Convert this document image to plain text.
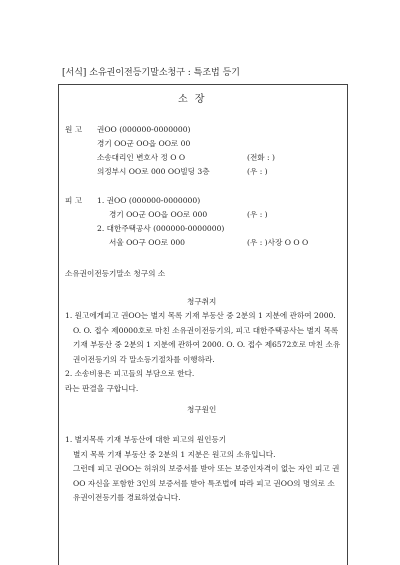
[서식] 소유권이전등기말소청구 : 특조법 등기
소 장
원 고 권OO (000000-0000000)
경기 OO군 OO읍 OO로 00
소송대리인 변호사 정 O O	(전화 : )
의정부시 OO로 000 OO빌딩 3층	(우 : )
피 고 1. 권OO (000000-0000000)
경기 OO군 OO읍 OO로 000	(우 : )
2. 대한주택공사 (000000-0000000)
서울 OO구 OO로 000	(우 : )사장 O O O
소유권이전등기말소 청구의 소
청구취지

1. 원고에게피고 권OO는 별지 목록 기재 부동산 중 2분의 1 지분에 관하여 2000. O. O. 접수 제0000호로 마친 소유권이전등기의, 피고 대한주택공사는 별지 목록 기재 부동산 중 2분의 1 지분에 관하여 2000. O. O. 접수 제6572호로 마친 소유권이전등기의 각 말소등기절차를 이행하라.

2. 소송비용은 피고들의 부담으로 한다.

라는 판결을 구합니다.

청구원인

1. 별지목록 기재 부동산에 대한 피고의 원인등기

별지 목록 기재 부동산 중 2분의 1 지분은 원고의 소유입니다.

그런데 피고 권OO는 허위의 보증서를 받아 또는 보증인자격이 없는 자인 피고 권OO 자신을 포함한 3인의 보증서를 받아 특조법에 따라 피고 권OO의 명의로 소유권이전등기를 경료하였습니다.
